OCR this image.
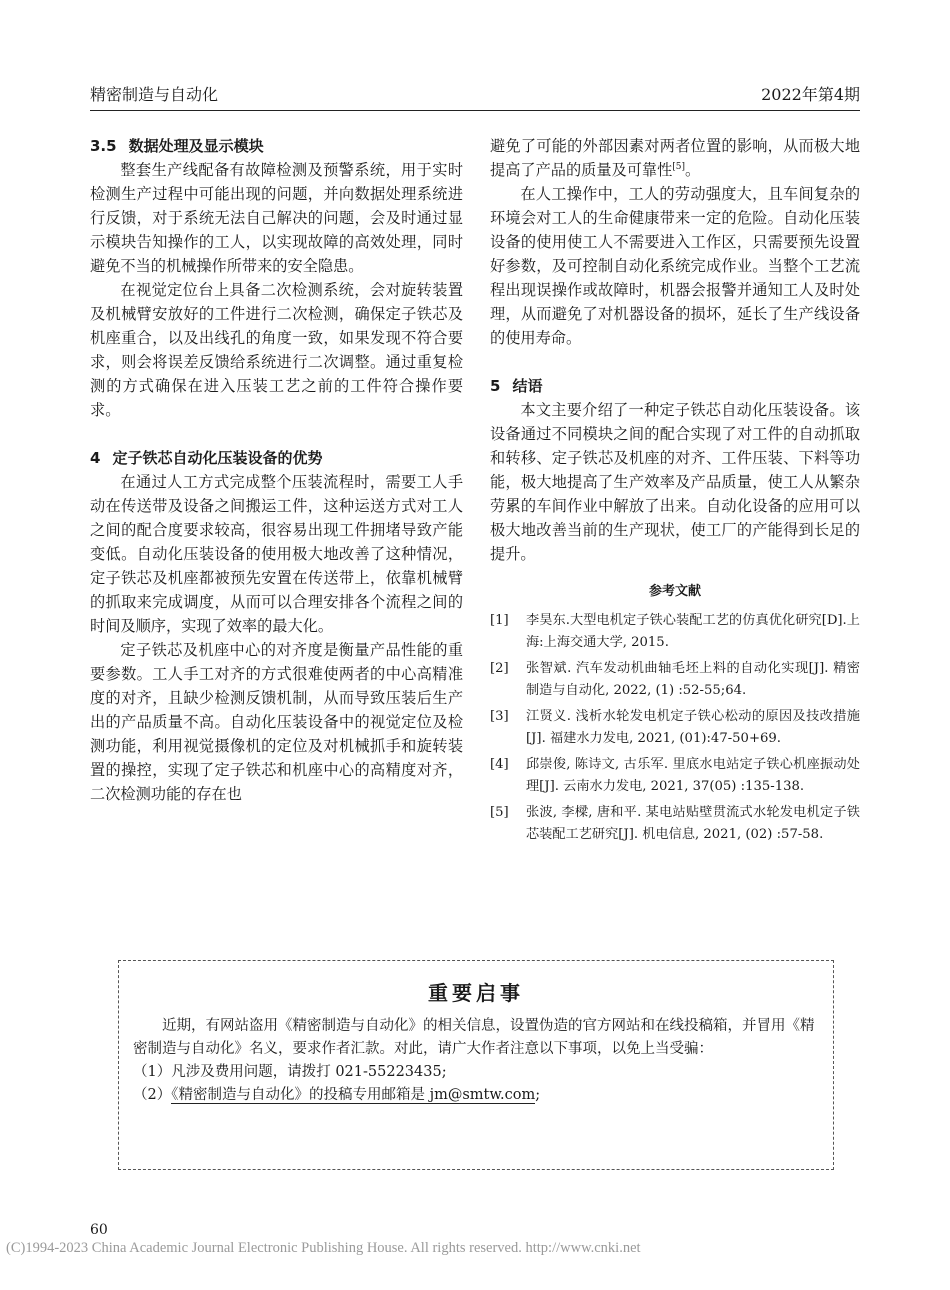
精密制造与自动化	2022年第4期
3.5 数据处理及显示模块

整套生产线配备有故障检测及预警系统，用于实时检测生产过程中可能出现的问题，并向数据处理系统进行反馈，对于系统无法自己解决的问题，会及时通过显示模块告知操作的工人，以实现故障的高效处理，同时避免不当的机械操作所带来的安全隐患。

在视觉定位台上具备二次检测系统，会对旋转装置及机械臂安放好的工件进行二次检测，确保定子铁芯及机座重合，以及出线孔的角度一致，如果发现不符合要求，则会将误差反馈给系统进行二次调整。通过重复检测的方式确保在进入压装工艺之前的工件符合操作要求。

4 定子铁芯自动化压装设备的优势

在通过人工方式完成整个压装流程时，需要工人手动在传送带及设备之间搬运工件，这种运送方式对工人之间的配合度要求较高，很容易出现工件拥堵导致产能变低。自动化压装设备的使用极大地改善了这种情况，定子铁芯及机座都被预先安置在传送带上，依靠机械臂的抓取来完成调度，从而可以合理安排各个流程之间的时间及顺序，实现了效率的最大化。

定子铁芯及机座中心的对齐度是衡量产品性能的重要参数。工人手工对齐的方式很难使两者的中心高精准度的对齐，且缺少检测反馈机制，从而导致压装后生产出的产品质量不高。自动化压装设备中的视觉定位及检测功能，利用视觉摄像机的定位及对机械抓手和旋转装置的操控，实现了定子铁芯和机座中心的高精度对齐，二次检测功能的存在也

避免了可能的外部因素对两者位置的影响，从而极大地提高了产品的质量及可靠性[5]。

在人工操作中，工人的劳动强度大，且车间复杂的环境会对工人的生命健康带来一定的危险。自动化压装设备的使用使工人不需要进入工作区，只需要预先设置好参数，及可控制自动化系统完成作业。当整个工艺流程出现误操作或故障时，机器会报警并通知工人及时处理，从而避免了对机器设备的损坏，延长了生产线设备的使用寿命。

5 结语

本文主要介绍了一种定子铁芯自动化压装设备。该设备通过不同模块之间的配合实现了对工件的自动抓取和转移、定子铁芯及机座的对齐、工件压装、下料等功能，极大地提高了生产效率及产品质量，使工人从繁杂劳累的车间作业中解放了出来。自动化设备的应用可以极大地改善当前的生产现状，使工厂的产能得到长足的提升。

参考文献
[1] 李昊东.大型电机定子铁心装配工艺的仿真优化研究[D].上海:上海交通大学, 2015.
[2] 张智斌. 汽车发动机曲轴毛坯上料的自动化实现[J]. 精密制造与自动化, 2022, (1) :52-55;64.
[3] 江贤义. 浅析水轮发电机定子铁心松动的原因及技改措施[J]. 福建水力发电, 2021, (01):47-50+69.
[4] 邱崇俊, 陈诗文, 古乐军. 里底水电站定子铁心机座振动处理[J]. 云南水力发电, 2021, 37(05) :135-138.
[5] 张波, 李樑, 唐和平. 某电站贴壁贯流式水轮发电机定子铁芯装配工艺研究[J]. 机电信息, 2021, (02) :57-58.
重要启事

近期，有网站盗用《精密制造与自动化》的相关信息，设置伪造的官方网站和在线投稿箱，并冒用《精密制造与自动化》名义，要求作者汇款。对此，请广大作者注意以下事项，以免上当受骗：

（1）凡涉及费用问题，请拨打 021-55223435;

（2）《精密制造与自动化》的投稿专用邮箱是 jm@smtw.com;

60
(C)1994-2023 China Academic Journal Electronic Publishing House. All rights reserved. http://www.cnki.net
